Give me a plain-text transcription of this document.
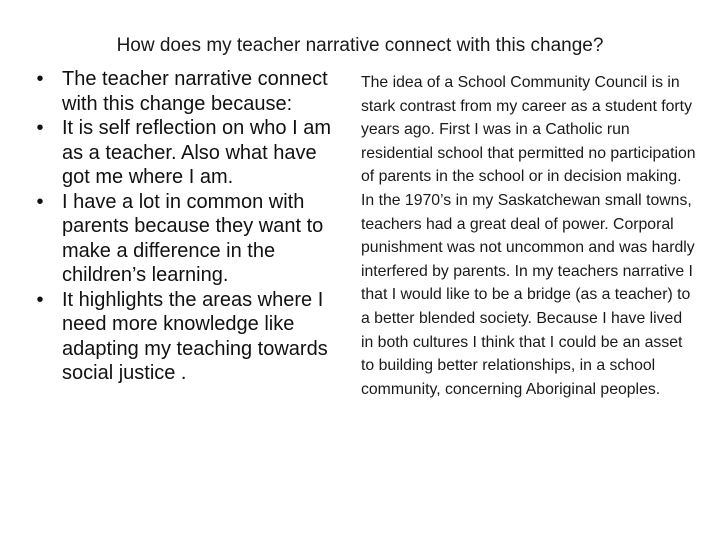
How does my teacher narrative connect with this change?
• The teacher narrative connect with this change because:
• It is self reflection on who I am as a teacher. Also what have got me where I am.
• I have a lot in common with parents because they want to make a difference in the children’s learning.
• It highlights the areas where I need more knowledge like adapting my teaching towards social justice .

The idea of a School Community Council is in stark contrast from my career as a student forty years ago. First I was in a Catholic run residential school that permitted no participation of parents in the school or in decision making. In the 1970’s in my Saskatchewan small towns, teachers had a great deal of power. Corporal punishment was not uncommon and was hardly interfered by parents. In my teachers narrative I that I would like to be a bridge (as a teacher) to a better blended society. Because I have lived in both cultures I think that I could be an asset to building better relationships, in a school community, concerning Aboriginal peoples.
